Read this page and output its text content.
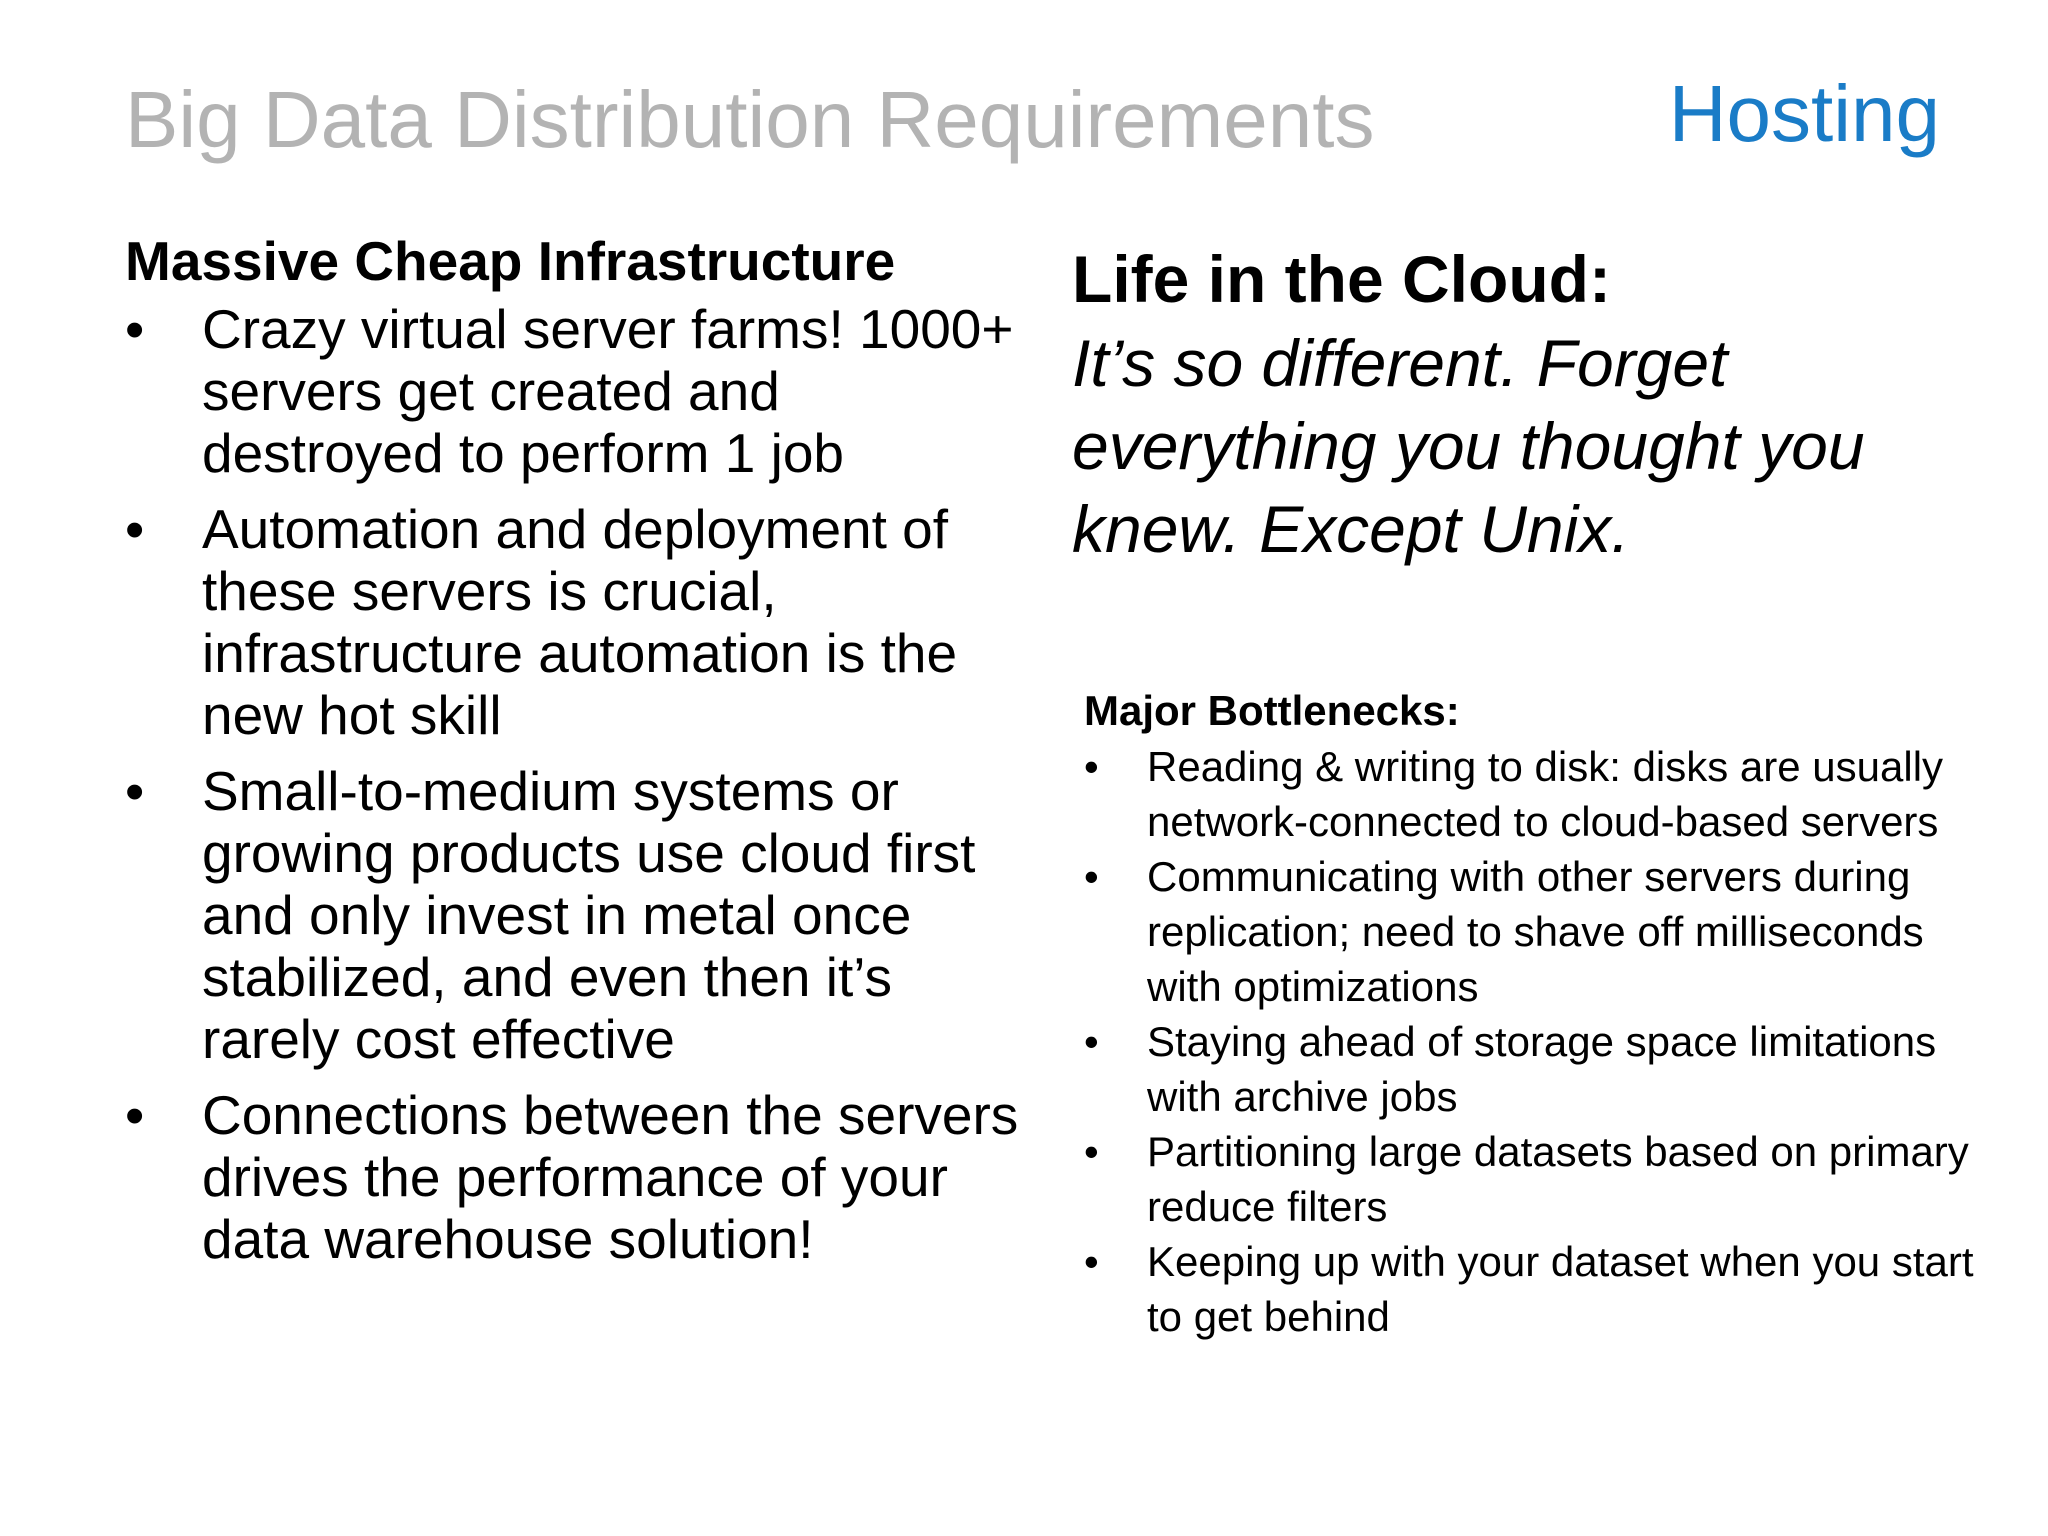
Big Data Distribution Requirements	Hosting
Massive Cheap Infrastructure
• Crazy virtual server farms! 1000+ servers get created and destroyed to perform 1 job
• Automation and deployment of these servers is crucial, infrastructure automation is the new hot skill
• Small-to-medium systems or growing products use cloud first and only invest in metal once stabilized, and even then it’s rarely cost effective
• Connections between the servers drives the performance of your data warehouse solution!
Life in the Cloud:
It’s so different. Forget everything you thought you knew. Except Unix.
Major Bottlenecks:
• Reading & writing to disk: disks are usually network-connected to cloud-based servers
• Communicating with other servers during replication; need to shave off milliseconds with optimizations
• Staying ahead of storage space limitations with archive jobs
• Partitioning large datasets based on primary reduce filters
• Keeping up with your dataset when you start to get behind
